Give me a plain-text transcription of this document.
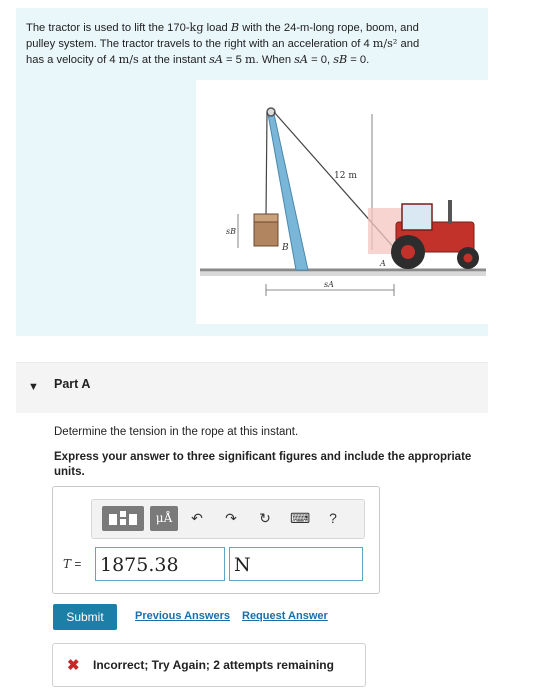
The tractor is used to lift the 170-kg load B with the 24-m-long rope, boom, and
pulley system. The tractor travels to the right with an acceleration of 4 m/s² and
has a velocity of 4 m/s at the instant sA = 5 m. When sA = 0, sB = 0.
12 m
B
sB
sA
A
▼ Part A
Determine the tension in the rope at this instant.
Express your answer to three significant figures and include the appropriate units.
μÅ	↶ ↷ ↻ ⌨	?
T = 1875.38	N
Submit	Previous Answers Request Answer
✖ Incorrect; Try Again; 2 attempts remaining
